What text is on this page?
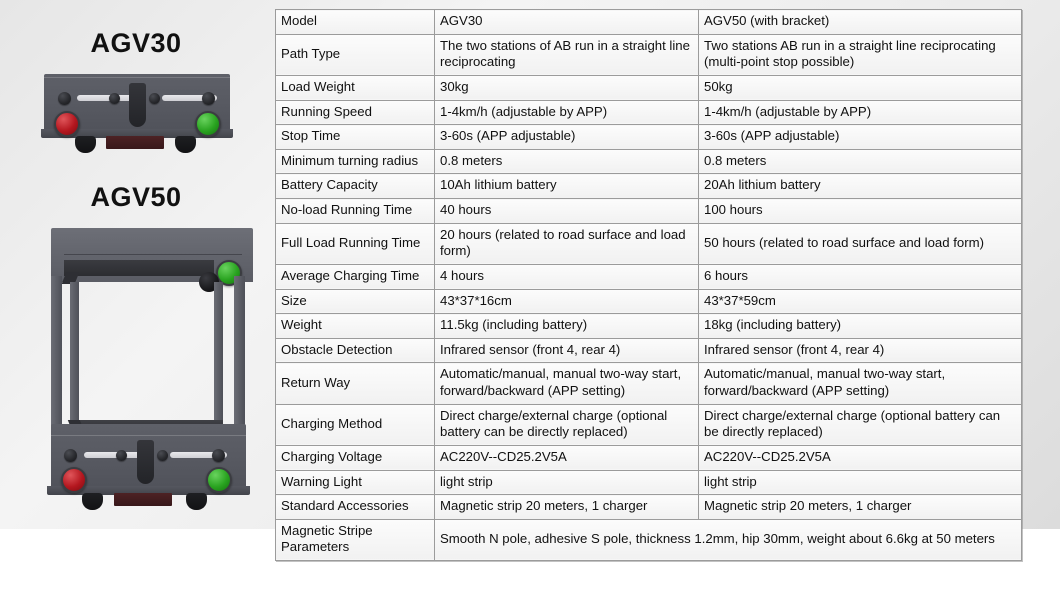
AGV30
AGV50
Model	AGV30	AGV50 (with bracket)
Path Type	The two stations of AB run in a straight line reciprocating	Two stations AB run in a straight line reciprocating (multi-point stop possible)
Load Weight	30kg	50kg
Running Speed	1-4km/h (adjustable by APP)	1-4km/h (adjustable by APP)
Stop Time	3-60s (APP adjustable)	3-60s (APP adjustable)
Minimum turning radius	0.8 meters	0.8 meters
Battery Capacity	10Ah lithium battery	20Ah lithium battery
No-load Running Time	40 hours	100 hours
Full Load Running Time	20 hours (related to road surface and load form)	50 hours (related to road surface and load form)
Average Charging Time	4 hours	6 hours
Size	43*37*16cm	43*37*59cm
Weight	11.5kg (including battery)	18kg (including battery)
Obstacle Detection	Infrared sensor (front 4, rear 4)	Infrared sensor (front 4, rear 4)
Return Way	Automatic/manual, manual two-way start, forward/backward (APP setting)	Automatic/manual, manual two-way start, forward/backward (APP setting)
Charging Method	Direct charge/external charge (optional battery can be directly replaced)	Direct charge/external charge (optional battery can be directly replaced)
Charging Voltage	AC220V--CD25.2V5A	AC220V--CD25.2V5A
Warning Light	light strip	light strip
Standard Accessories	Magnetic strip 20 meters, 1 charger	Magnetic strip 20 meters, 1 charger
Magnetic Stripe Parameters	Smooth N pole, adhesive S pole, thickness 1.2mm, hip 30mm, weight about 6.6kg at 50 meters	
